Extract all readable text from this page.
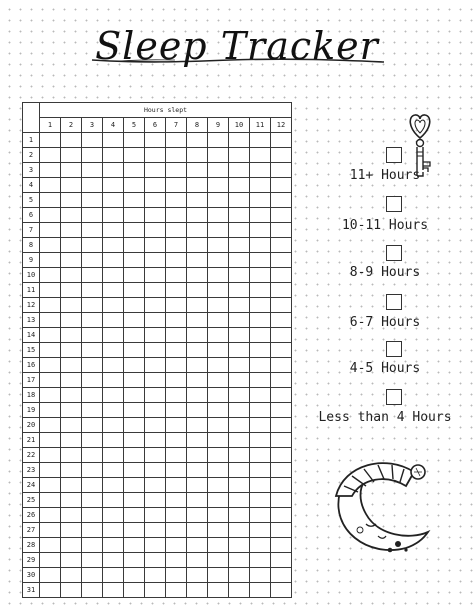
Sleep Tracker
	Hours slept											
	1	2	3	4	5	6	7	8	9	10	11	12
1												
2												
3												
4												
5												
6												
7												
8												
9												
10												
11												
12												
13												
14												
15												
16												
17												
18												
19												
20												
21												
22												
23												
24												
25												
26												
27												
28												
29												
30												
31												
11+ Hours
10-11 Hours
8-9 Hours
6-7 Hours
4-5 Hours
Less than 4 Hours
